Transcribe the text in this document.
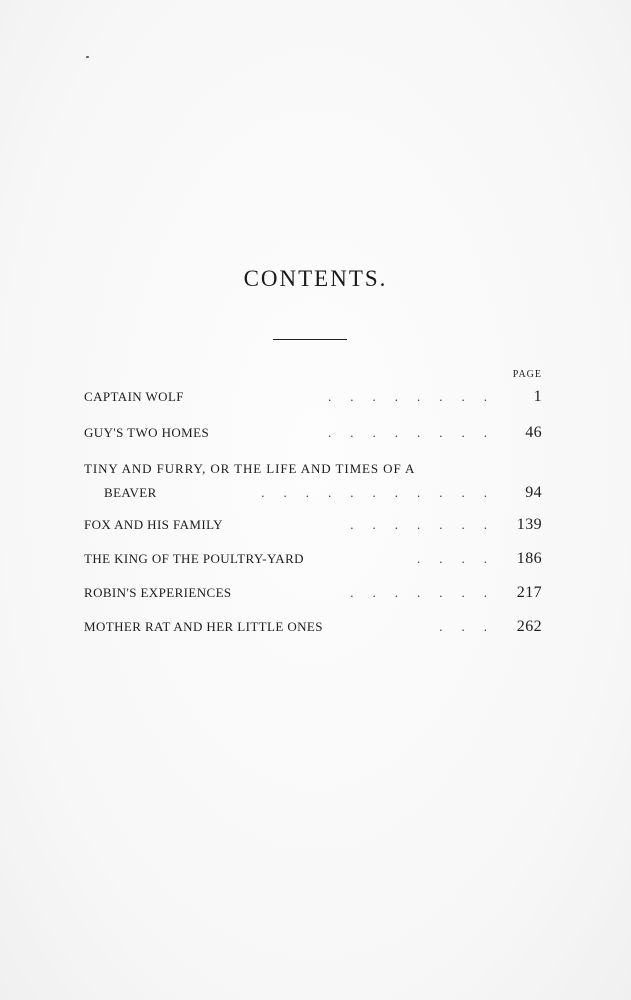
CONTENTS.
PAGE
CAPTAIN WOLF	........	1
GUY'S TWO HOMES	........	46
TINY AND FURRY, OR THE LIFE AND TIMES OF A
BEAVER	...........	94
FOX AND HIS FAMILY	....... 139
THE KING OF THE POULTRY-YARD	.... 186
ROBIN'S EXPERIENCES	....... 217
MOTHER RAT AND HER LITTLE ONES	... 262
